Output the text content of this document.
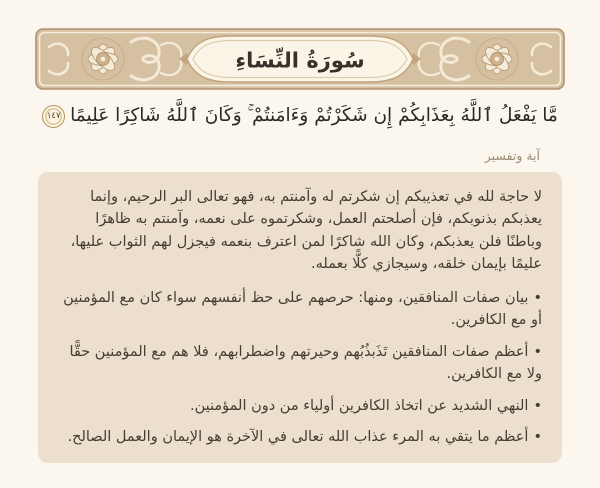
سُورَةُ النِّسَاءِ
مَّا يَفْعَلُ ٱللَّهُ بِعَذَابِكُمْ إِن شَكَرْتُمْ وَءَامَنتُمْ ۚ وَكَانَ ٱللَّهُ شَاكِرًا عَلِيمًا
١٤٧
آية وتفسير

لا حاجة لله في تعذيبكم إن شكرتم له وآمنتم به، فهو تعالى البر الرحيم، وإنما يعذبكم بذنوبكم، فإن أصلحتم العمل، وشكرتموه على نعمه، وآمنتم به ظاهرًا وباطنًا فلن يعذبكم، وكان الله شاكرًا لمن اعترف بنعمه فيجزل لهم الثواب عليها، عليمًا بإيمان خلقه، وسيجازي كلًّا بعمله.

•بيان صفات المنافقين، ومنها: حرصهم على حظ أنفسهم سواء كان مع المؤمنين أو مع الكافرين.

•أعظم صفات المنافقين تَذَبذُبُهم وحيرتهم واضطرابهم، فلا هم مع المؤمنين حقًّا ولا مع الكافرين.

•النهي الشديد عن اتخاذ الكافرين أولياء من دون المؤمنين.

•أعظم ما يتقي به المرء عذاب الله تعالى في الآخرة هو الإيمان والعمل الصالح.
